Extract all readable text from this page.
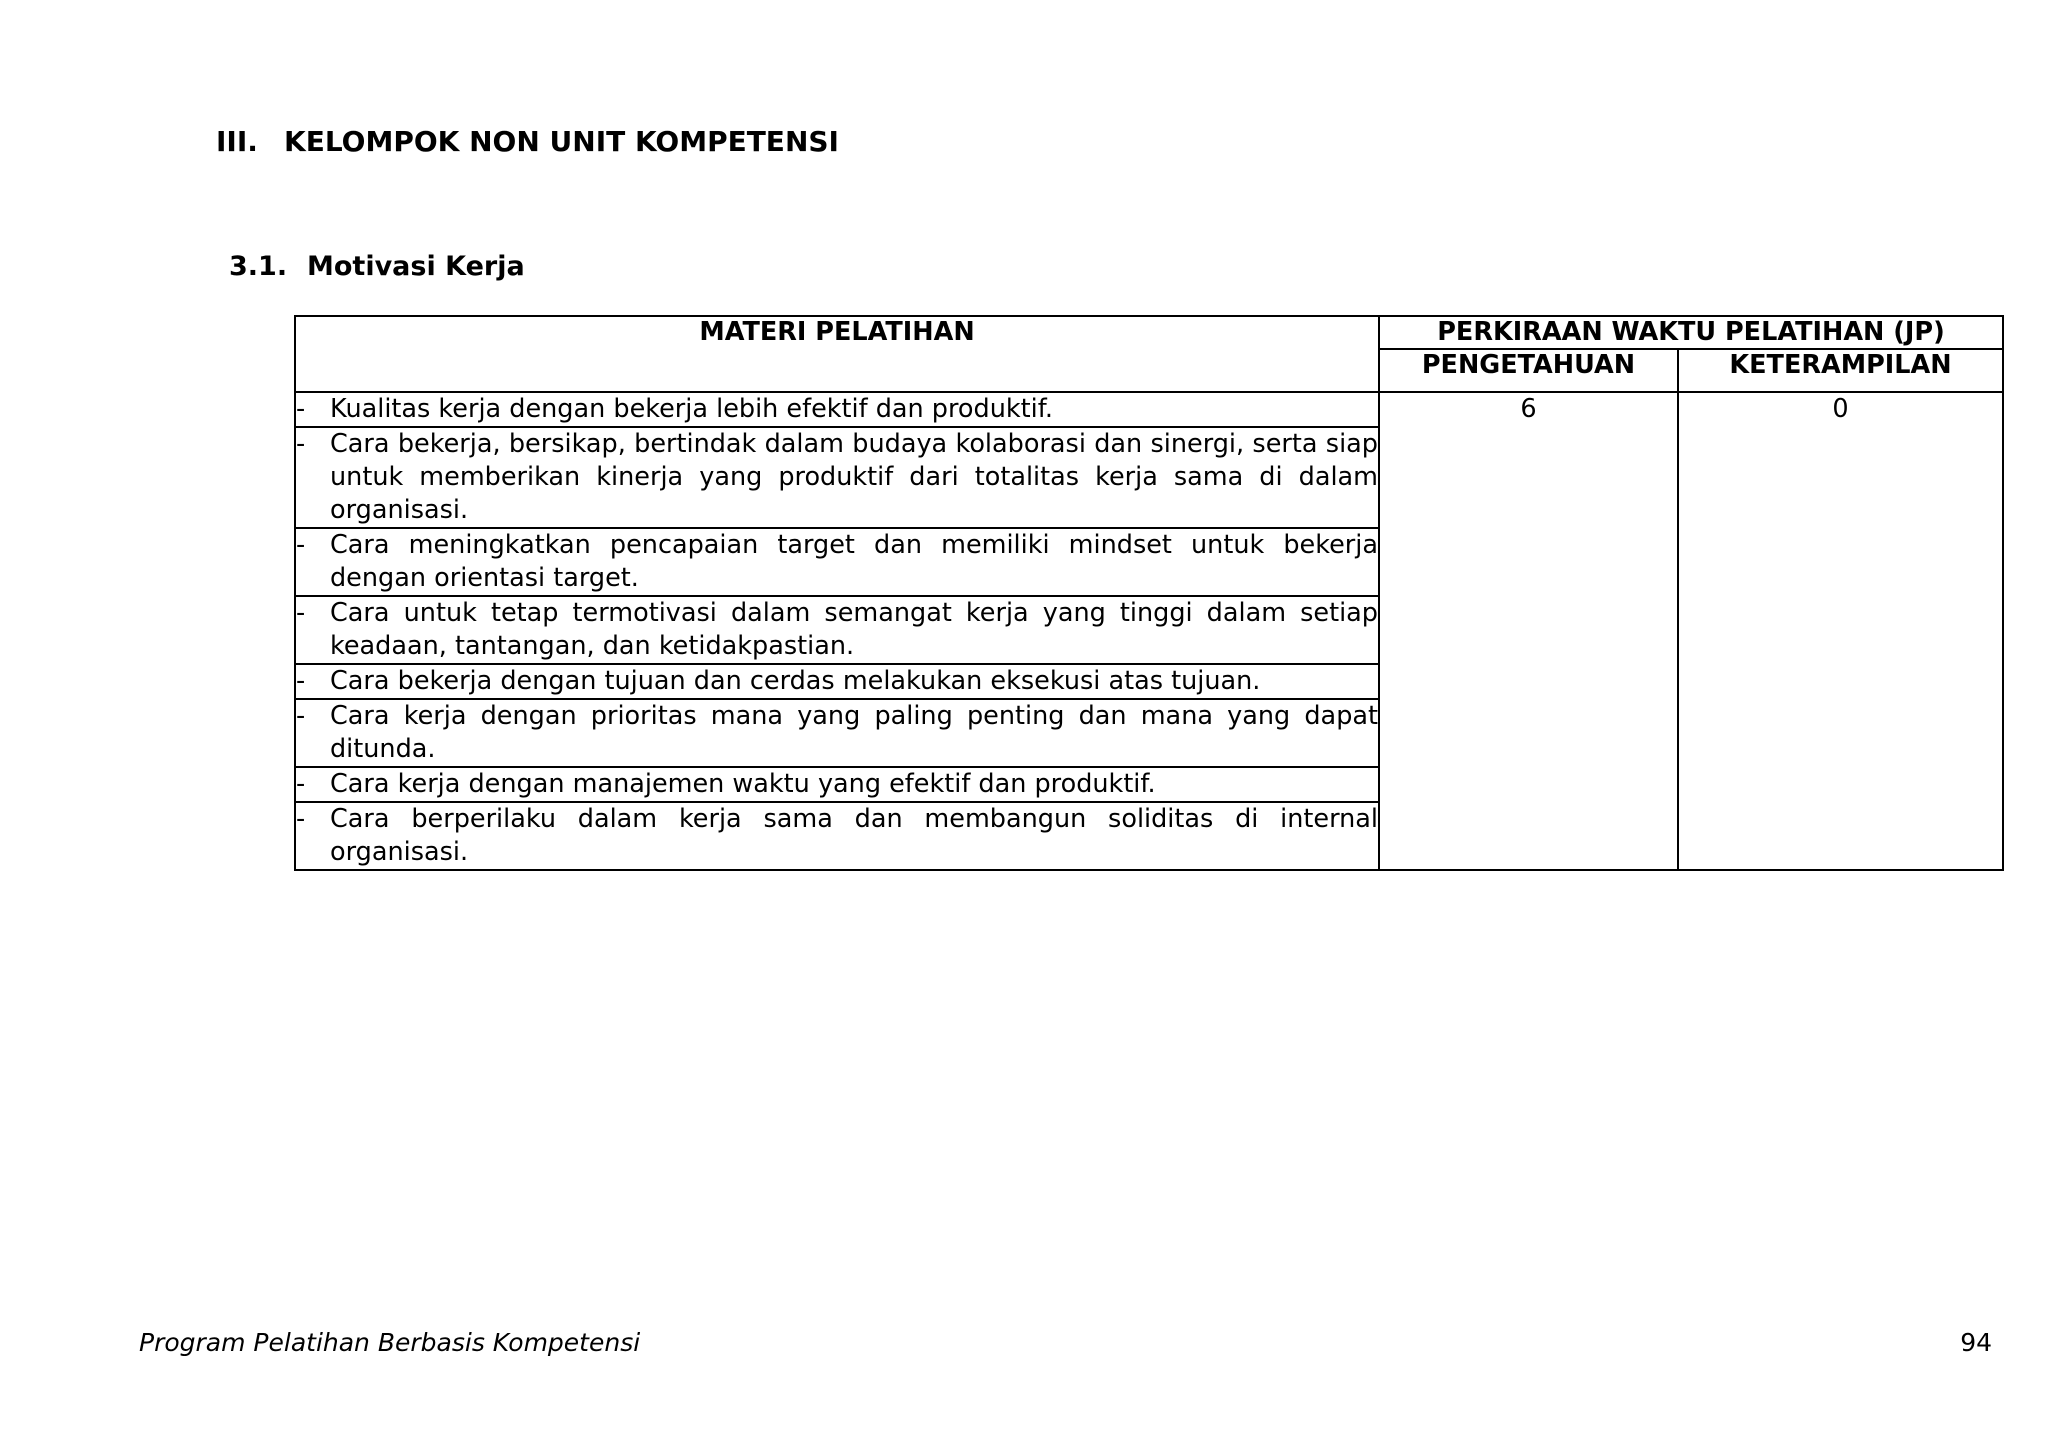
III. KELOMPOK NON UNIT KOMPETENSI
3.1. Motivasi Kerja
MATERI PELATIHAN	PERKIRAAN WAKTU PELATIHAN (JP)	
	PENGETAHUAN	KETERAMPILAN

- Kualitas kerja dengan bekerja lebih efektif dan produktif.	6	0

- Cara bekerja, bersikap, bertindak dalam budaya kolaborasi dan sinergi, serta siap untuk memberikan kinerja yang produktif dari totalitas kerja sama di dalam organisasi.		

- Cara meningkatkan pencapaian target dan memiliki mindset untuk bekerja dengan orientasi target.		

- Cara untuk tetap termotivasi dalam semangat kerja yang tinggi dalam setiap keadaan, tantangan, dan ketidakpastian.		

- Cara bekerja dengan tujuan dan cerdas melakukan eksekusi atas tujuan.		

- Cara kerja dengan prioritas mana yang paling penting dan mana yang dapat ditunda.		

- Cara kerja dengan manajemen waktu yang efektif dan produktif.		

- Cara berperilaku dalam kerja sama dan membangun soliditas di internal organisasi.		
Program Pelatihan Berbasis Kompetensi	94
